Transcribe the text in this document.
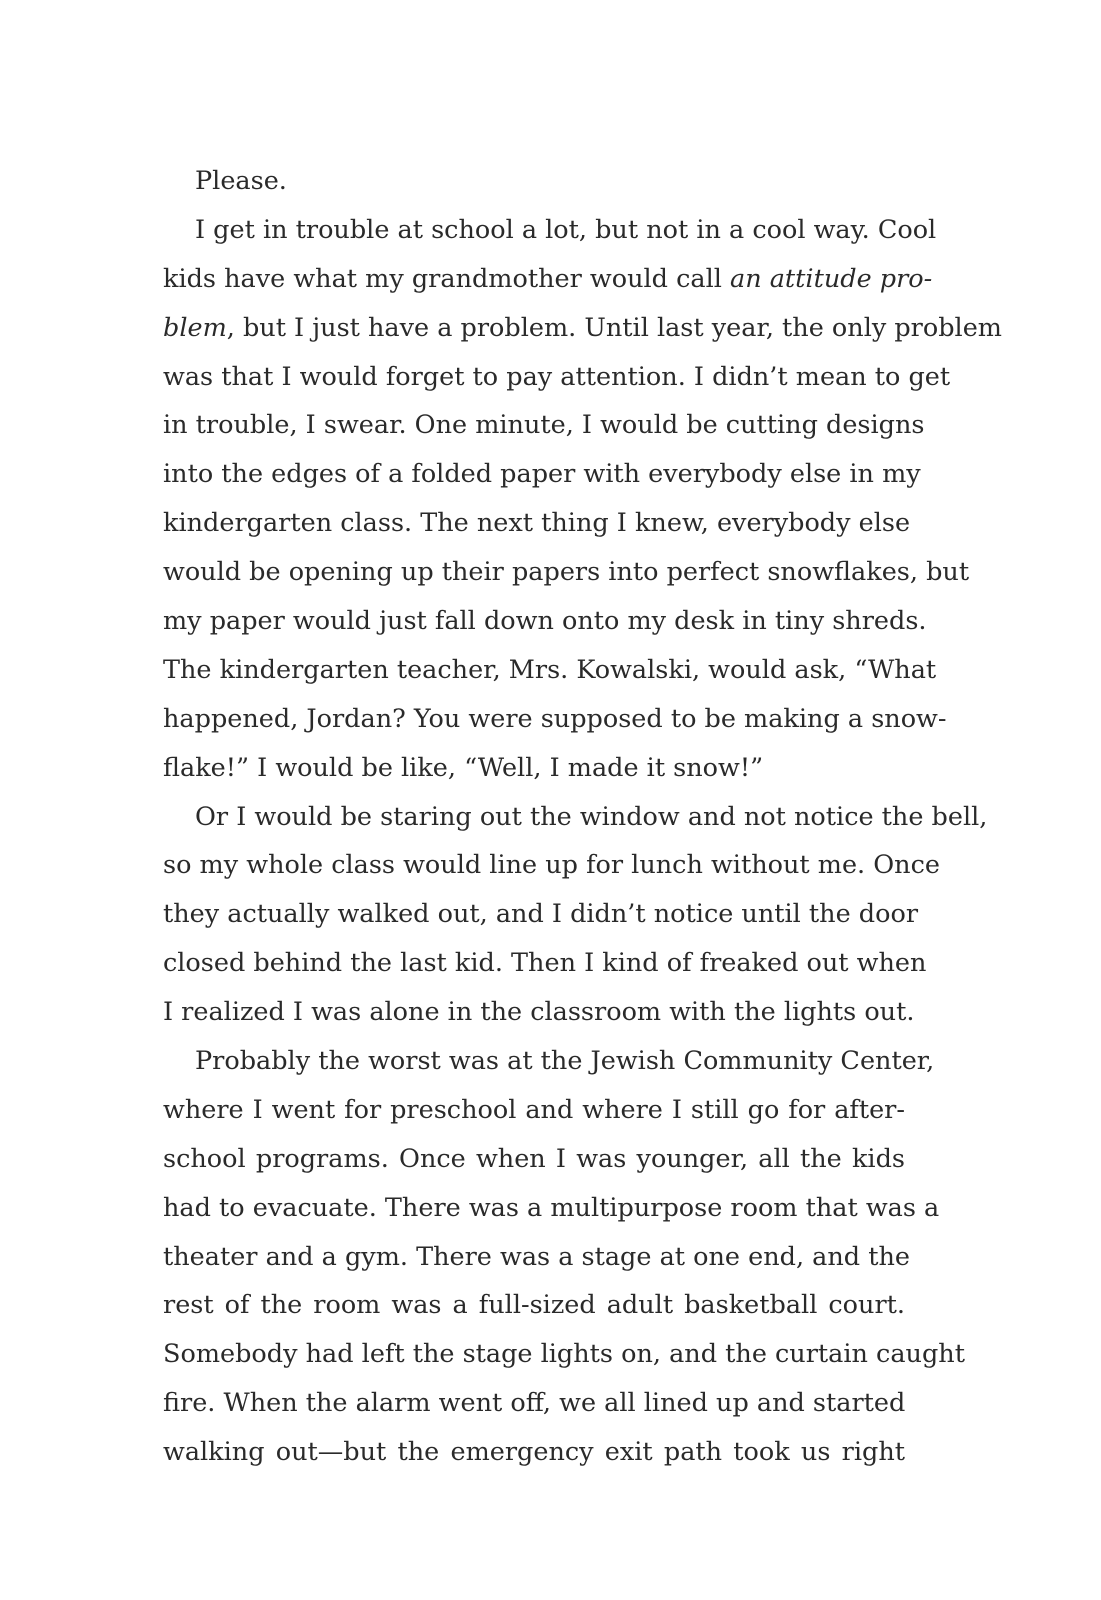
Please.
I get in trouble at school a lot, but not in a cool way. Cool
kids have what my grandmother would call an attitude pro-
blem, but I just have a problem. Until last year, the only problem
was that I would forget to pay attention. I didn’t mean to get
in trouble, I swear. One minute, I would be cutting designs
into the edges of a folded paper with everybody else in my
kindergarten class. The next thing I knew, everybody else
would be opening up their papers into perfect snowflakes, but
my paper would just fall down onto my desk in tiny shreds.
The kindergarten teacher, Mrs. Kowalski, would ask, “What
happened, Jordan? You were supposed to be making a snow-
flake!” I would be like, “Well, I made it snow!”
Or I would be staring out the window and not notice the bell,
so my whole class would line up for lunch without me. Once
they actually walked out, and I didn’t notice until the door
closed behind the last kid. Then I kind of freaked out when
I realized I was alone in the classroom with the lights out.
Probably the worst was at the Jewish Community Center,
where I went for preschool and where I still go for after-
school programs. Once when I was younger, all the kids
had to evacuate. There was a multipurpose room that was a
theater and a gym. There was a stage at one end, and the
rest of the room was a full-sized adult basketball court.
Somebody had left the stage lights on, and the curtain caught
fire. When the alarm went off, we all lined up and started
walking out—but the emergency exit path took us right
